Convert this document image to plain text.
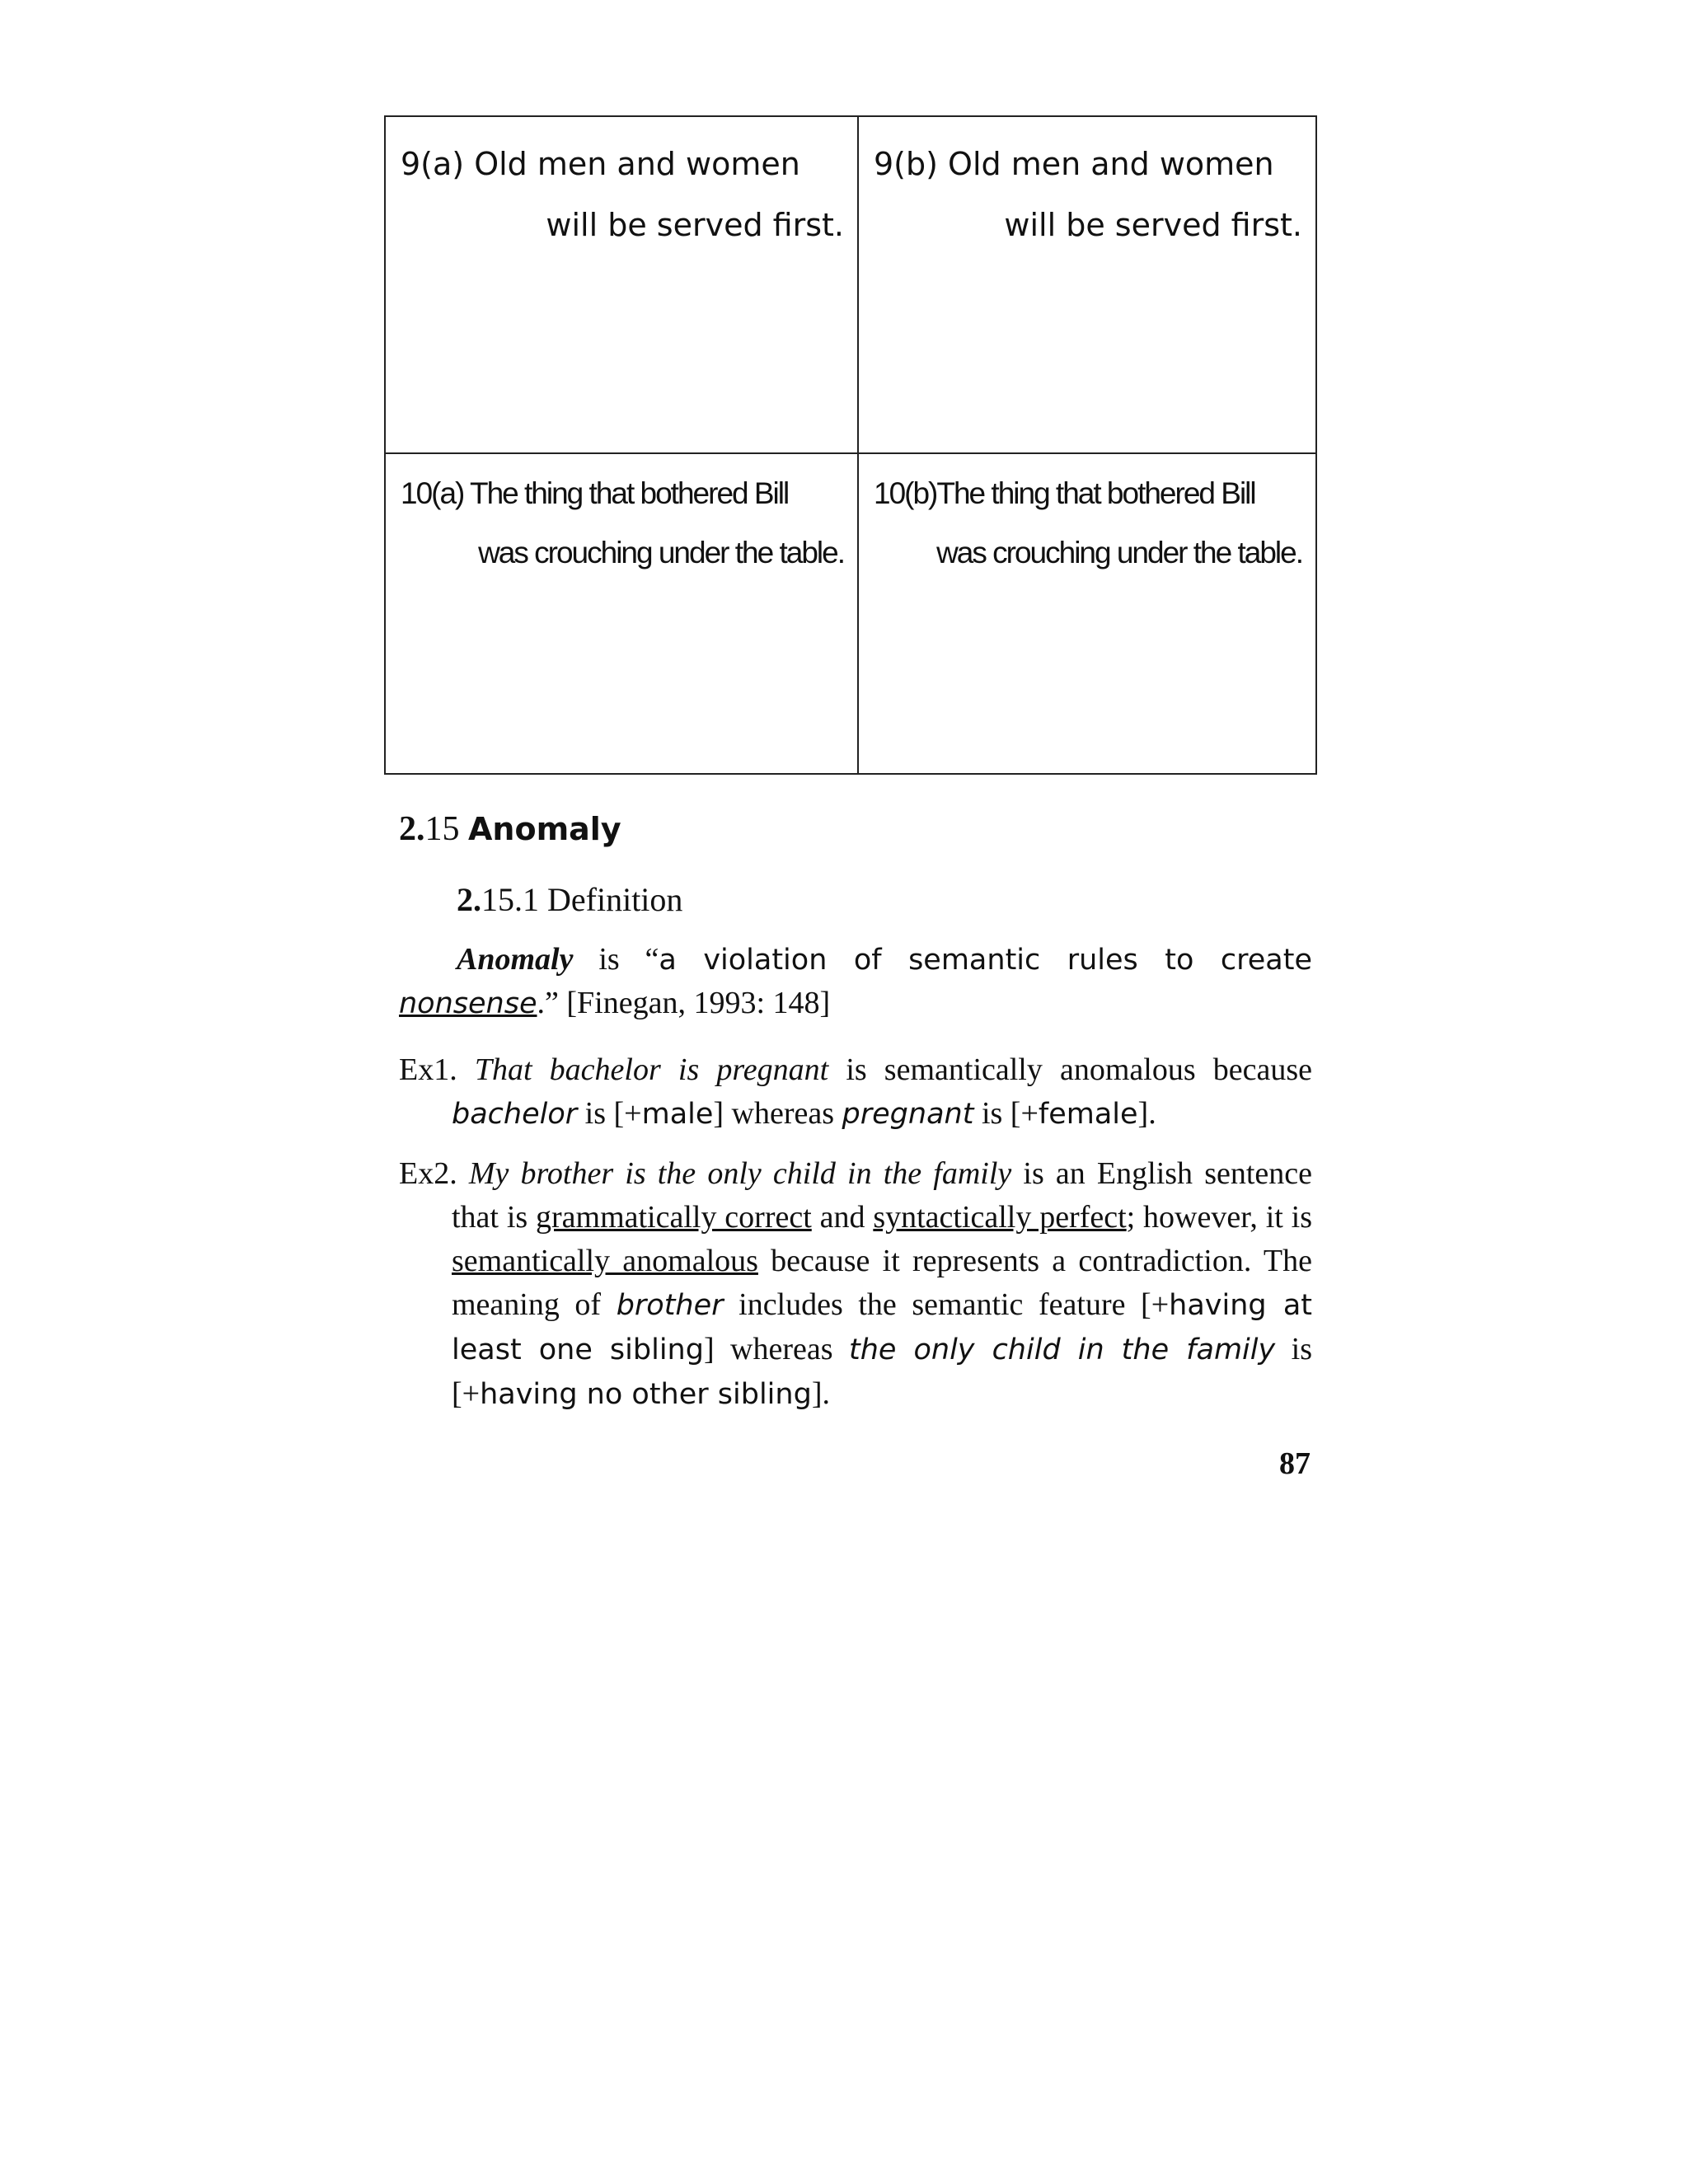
9(a) Old men and women
will be served first.
9(b) Old men and women
will be served first.
10(a) The thing that bothered Bill
was crouching under the table.
10(b)The thing that bothered Bill
was crouching under the table.
2.15 Anomaly
2.15.1 Definition
Anomaly is “a violation of semantic rules to create nonsense.” [Finegan, 1993: 148]
Ex1. That bachelor is pregnant is semantically anomalous because bachelor is [+male] whereas pregnant is [+female].
Ex2. My brother is the only child in the family is an English sentence that is grammatically correct and syntactically perfect; however, it is semantically anomalous because it represents a contradiction. The meaning of brother includes the semantic feature [+having at least one sibling] whereas the only child in the family is [+having no other sibling].
87
